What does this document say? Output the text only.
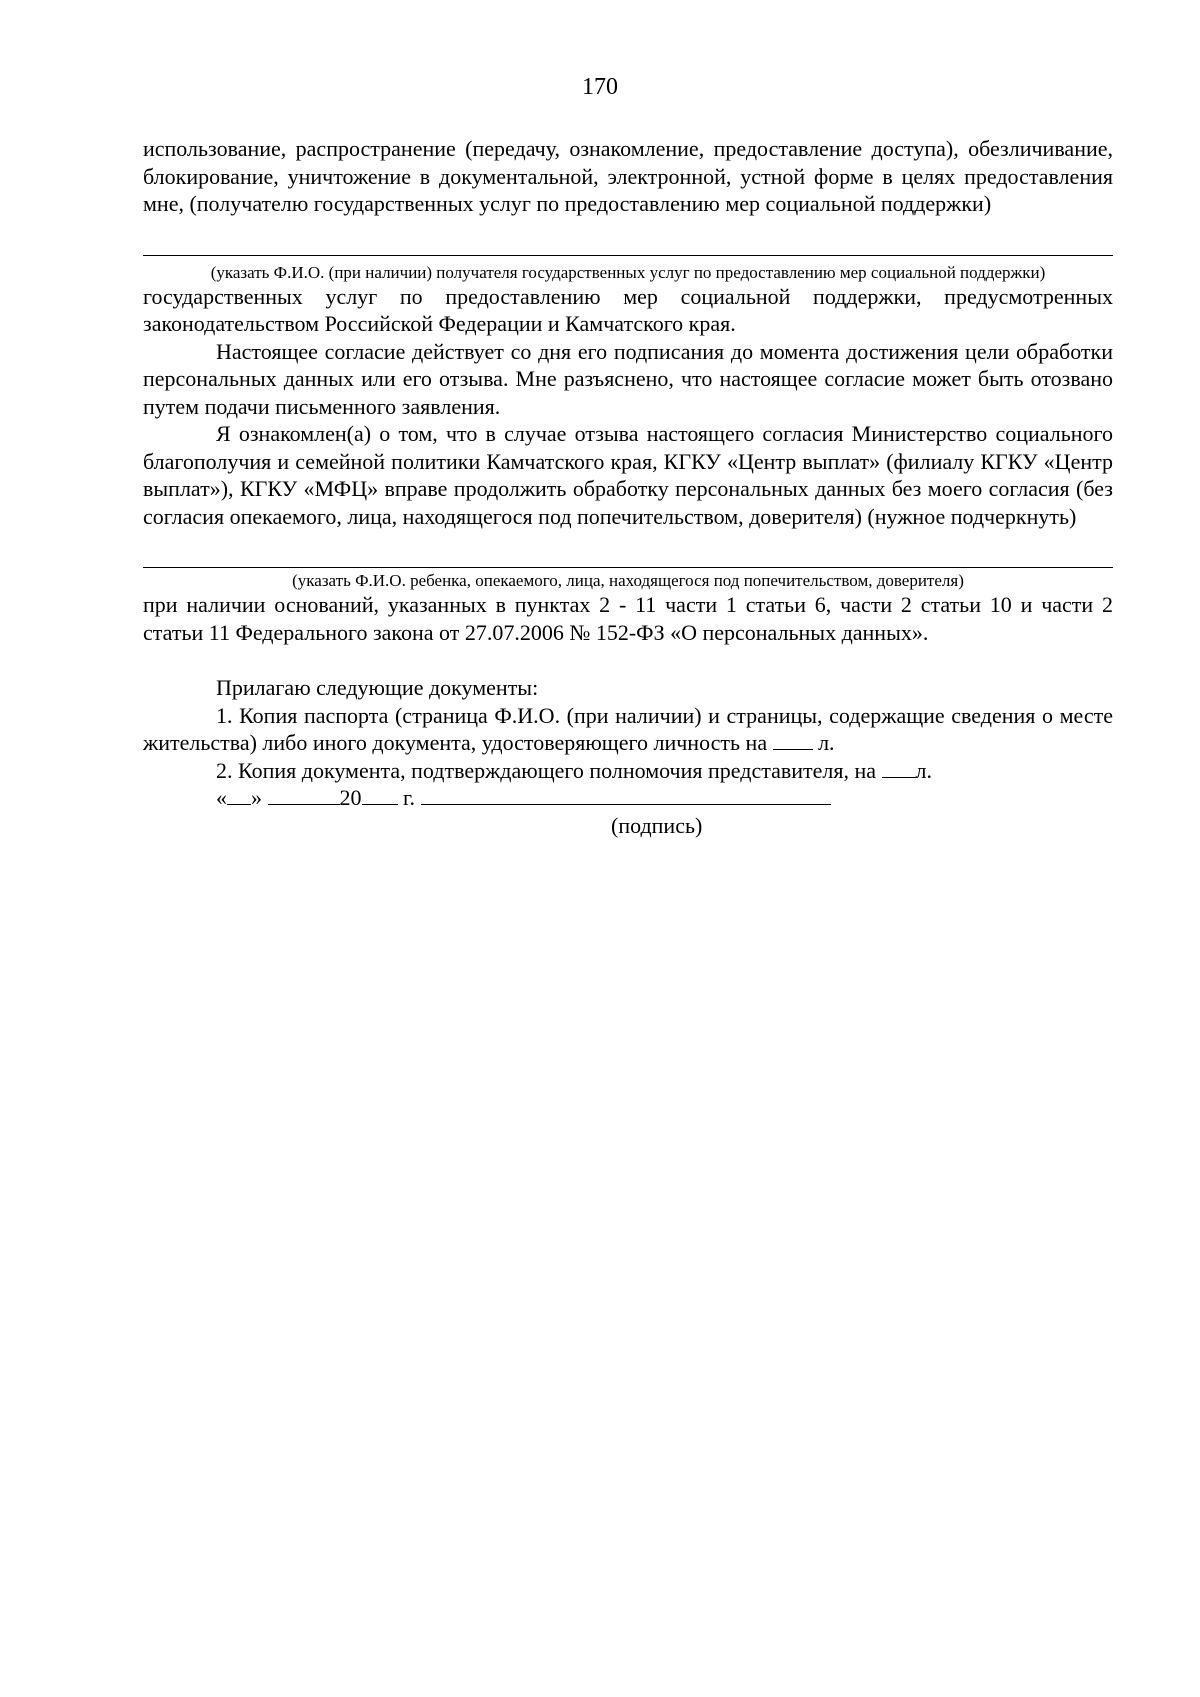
170

использование, распространение (передачу, ознакомление, предоставление доступа), обезличивание, блокирование, уничтожение в документальной, электронной, устной форме в целях предоставления мне, (получателю государственных услуг по предоставлению мер социальной поддержки)

(указать Ф.И.О. (при наличии) получателя государственных услуг по предоставлению мер социальной поддержки)

государственных услуг по предоставлению мер социальной поддержки, предусмотренных законодательством Российской Федерации и Камчатского края.

Настоящее согласие действует со дня его подписания до момента достижения цели обработки персональных данных или его отзыва. Мне разъяснено, что настоящее согласие может быть отозвано путем подачи письменного заявления.

Я ознакомлен(а) о том, что в случае отзыва настоящего согласия Министерство социального благополучия и семейной политики Камчатского края, КГКУ «Центр выплат» (филиалу КГКУ «Центр выплат»), КГКУ «МФЦ» вправе продолжить обработку персональных данных без моего согласия (без согласия опекаемого, лица, находящегося под попечительством, доверителя) (нужное подчеркнуть)

(указать Ф.И.О. ребенка, опекаемого, лица, находящегося под попечительством, доверителя)

при наличии оснований, указанных в пунктах 2 - 11 части 1 статьи 6, части 2 статьи 10 и части 2 статьи 11 Федерального закона от 27.07.2006 № 152-ФЗ «О персональных данных».

Прилагаю следующие документы:

1. Копия паспорта (страница Ф.И.О. (при наличии) и страницы, содержащие сведения о месте жительства) либо иного документа, удостоверяющего личность на л.

2. Копия документа, подтверждающего полномочия представителя, на л.

« »	20 г.

(подпись)
